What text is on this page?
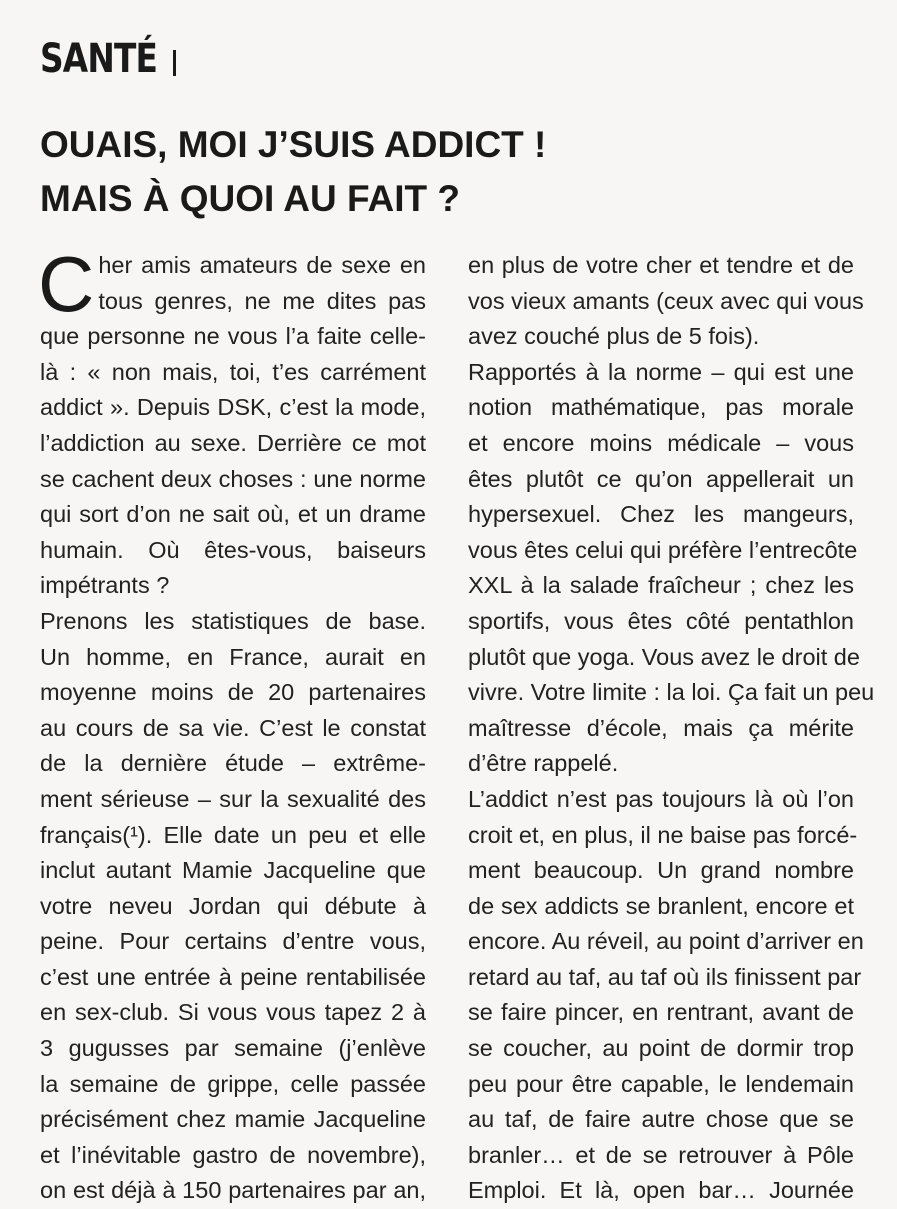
SANTÉ
OUAIS, MOI J’SUIS ADDICT !
MAIS À QUOI AU FAIT ?
C her amis amateurs de sexe en
tous genres, ne me dites pas
que personne ne vous l’a faite celle-
là : « non mais, toi, t’es carrément
addict ». Depuis DSK, c’est la mode,
l’addiction au sexe. Derrière ce mot
se cachent deux choses : une norme
qui sort d’on ne sait où, et un drame
humain. Où êtes-vous, baiseurs
impétrants ?
Prenons les statistiques de base.
Un homme, en France, aurait en
moyenne moins de 20 partenaires
au cours de sa vie. C’est le constat
de la dernière étude – extrême-
ment sérieuse – sur la sexualité des
français(¹). Elle date un peu et elle
inclut autant Mamie Jacqueline que
votre neveu Jordan qui débute à
peine. Pour certains d’entre vous,
c’est une entrée à peine rentabilisée
en sex-club. Si vous vous tapez 2 à
3 gugusses par semaine (j’enlève
la semaine de grippe, celle passée
précisément chez mamie Jacqueline
et l’inévitable gastro de novembre),
on est déjà à 150 partenaires par an,
en plus de votre cher et tendre et de
vos vieux amants (ceux avec qui vous
avez couché plus de 5 fois).
Rapportés à la norme – qui est une
notion mathématique, pas morale
et encore moins médicale – vous
êtes plutôt ce qu’on appellerait un
hypersexuel. Chez les mangeurs,
vous êtes celui qui préfère l’entrecôte
XXL à la salade fraîcheur ; chez les
sportifs, vous êtes côté pentathlon
plutôt que yoga. Vous avez le droit de
vivre. Votre limite : la loi. Ça fait un peu
maîtresse d’école, mais ça mérite
d’être rappelé.
L’addict n’est pas toujours là où l’on
croit et, en plus, il ne baise pas forcé-
ment beaucoup. Un grand nombre
de sex addicts se branlent, encore et
encore. Au réveil, au point d’arriver en
retard au taf, au taf où ils finissent par
se faire pincer, en rentrant, avant de
se coucher, au point de dormir trop
peu pour être capable, le lendemain
au taf, de faire autre chose que se
branler… et de se retrouver à Pôle
Emploi. Et là, open bar… Journée
